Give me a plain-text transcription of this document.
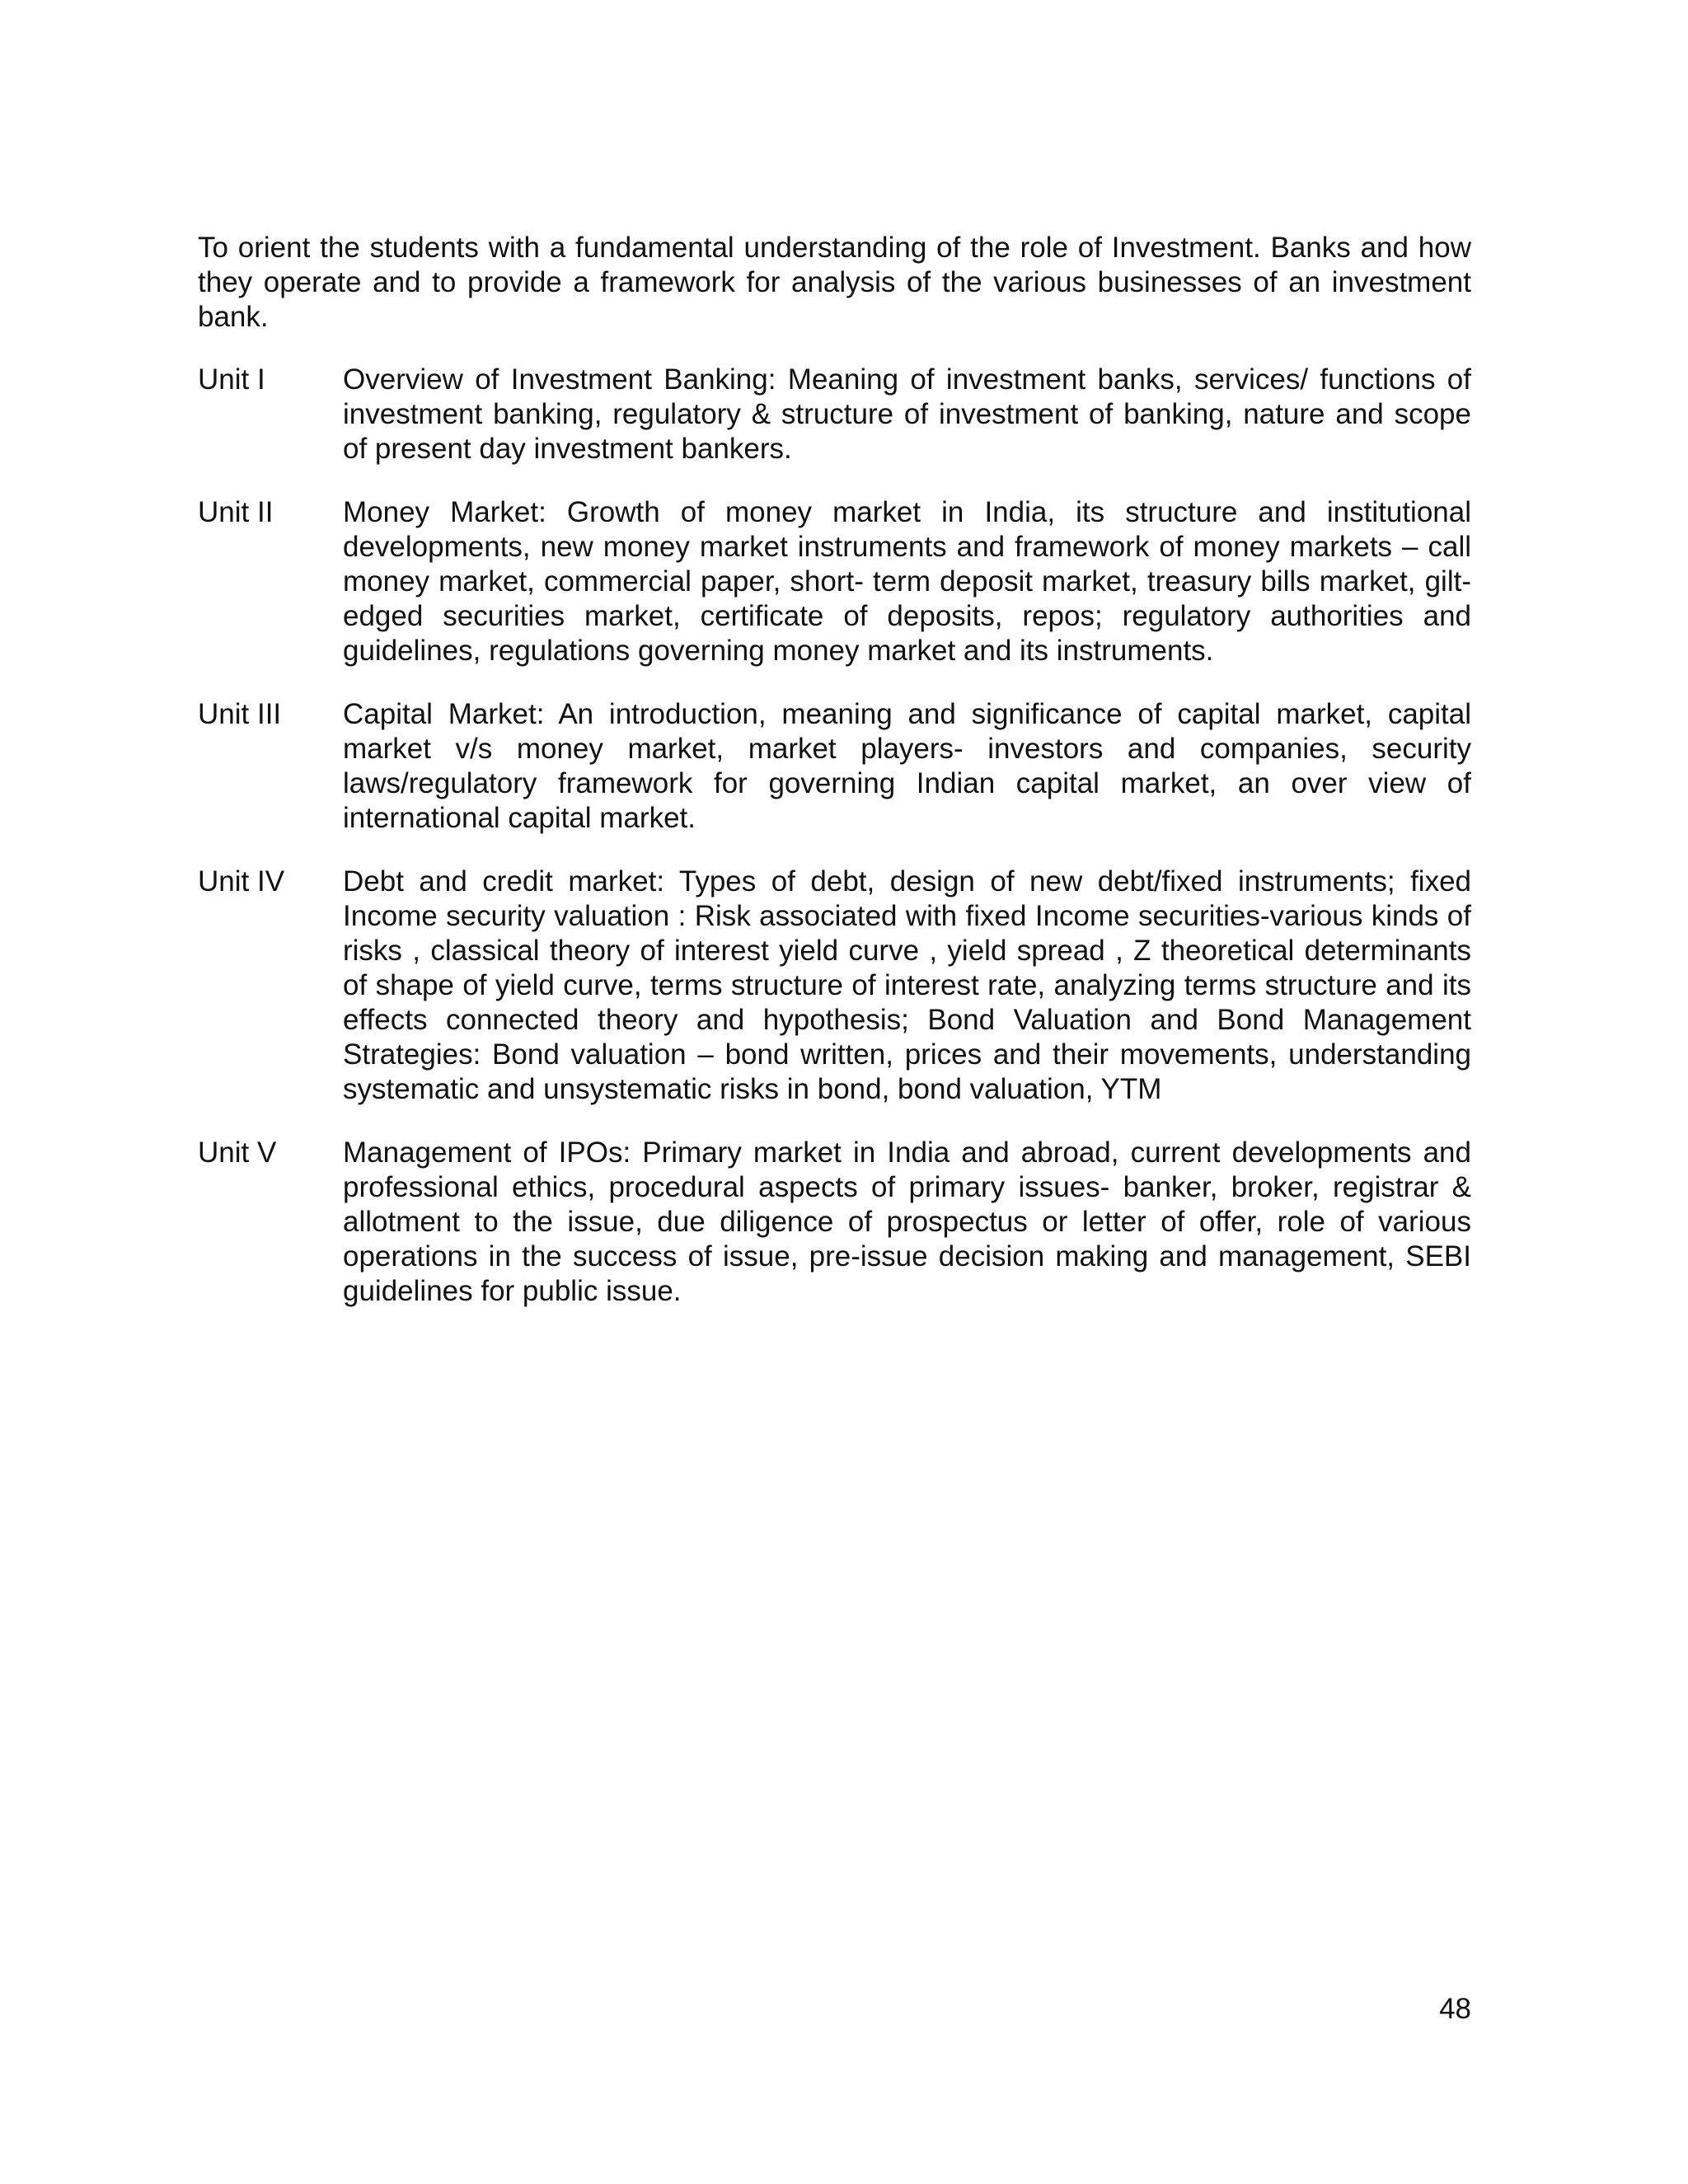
To orient the students with a fundamental understanding of the role of Investment. Banks and how they operate and to provide a framework for analysis of the various businesses of an investment bank.

Unit I	Overview of Investment Banking: Meaning of investment banks, services/ functions of investment banking, regulatory & structure of investment of banking, nature and scope of present day investment bankers.
Unit II	Money Market: Growth of money market in India, its structure and institutional developments, new money market instruments and framework of money markets – call money market, commercial paper, short- term deposit market, treasury bills market, gilt-edged securities market, certificate of deposits, repos; regulatory authorities and guidelines, regulations governing money market and its instruments.
Unit III	Capital Market: An introduction, meaning and significance of capital market, capital market v/s money market, market players- investors and companies, security laws/regulatory framework for governing Indian capital market, an over view of international capital market.
Unit IV	Debt and credit market: Types of debt, design of new debt/fixed instruments; fixed Income security valuation : Risk associated with fixed Income securities-various kinds of risks , classical theory of interest yield curve , yield spread , Z theoretical determinants of shape of yield curve, terms structure of interest rate, analyzing terms structure and its effects connected theory and hypothesis; Bond Valuation and Bond Management Strategies: Bond valuation – bond written, prices and their movements, understanding systematic and unsystematic risks in bond, bond valuation, YTM
Unit V	Management of IPOs: Primary market in India and abroad, current developments and professional ethics, procedural aspects of primary issues- banker, broker, registrar & allotment to the issue, due diligence of prospectus or letter of offer, role of various operations in the success of issue, pre-issue decision making and management, SEBI guidelines for public issue.
48
